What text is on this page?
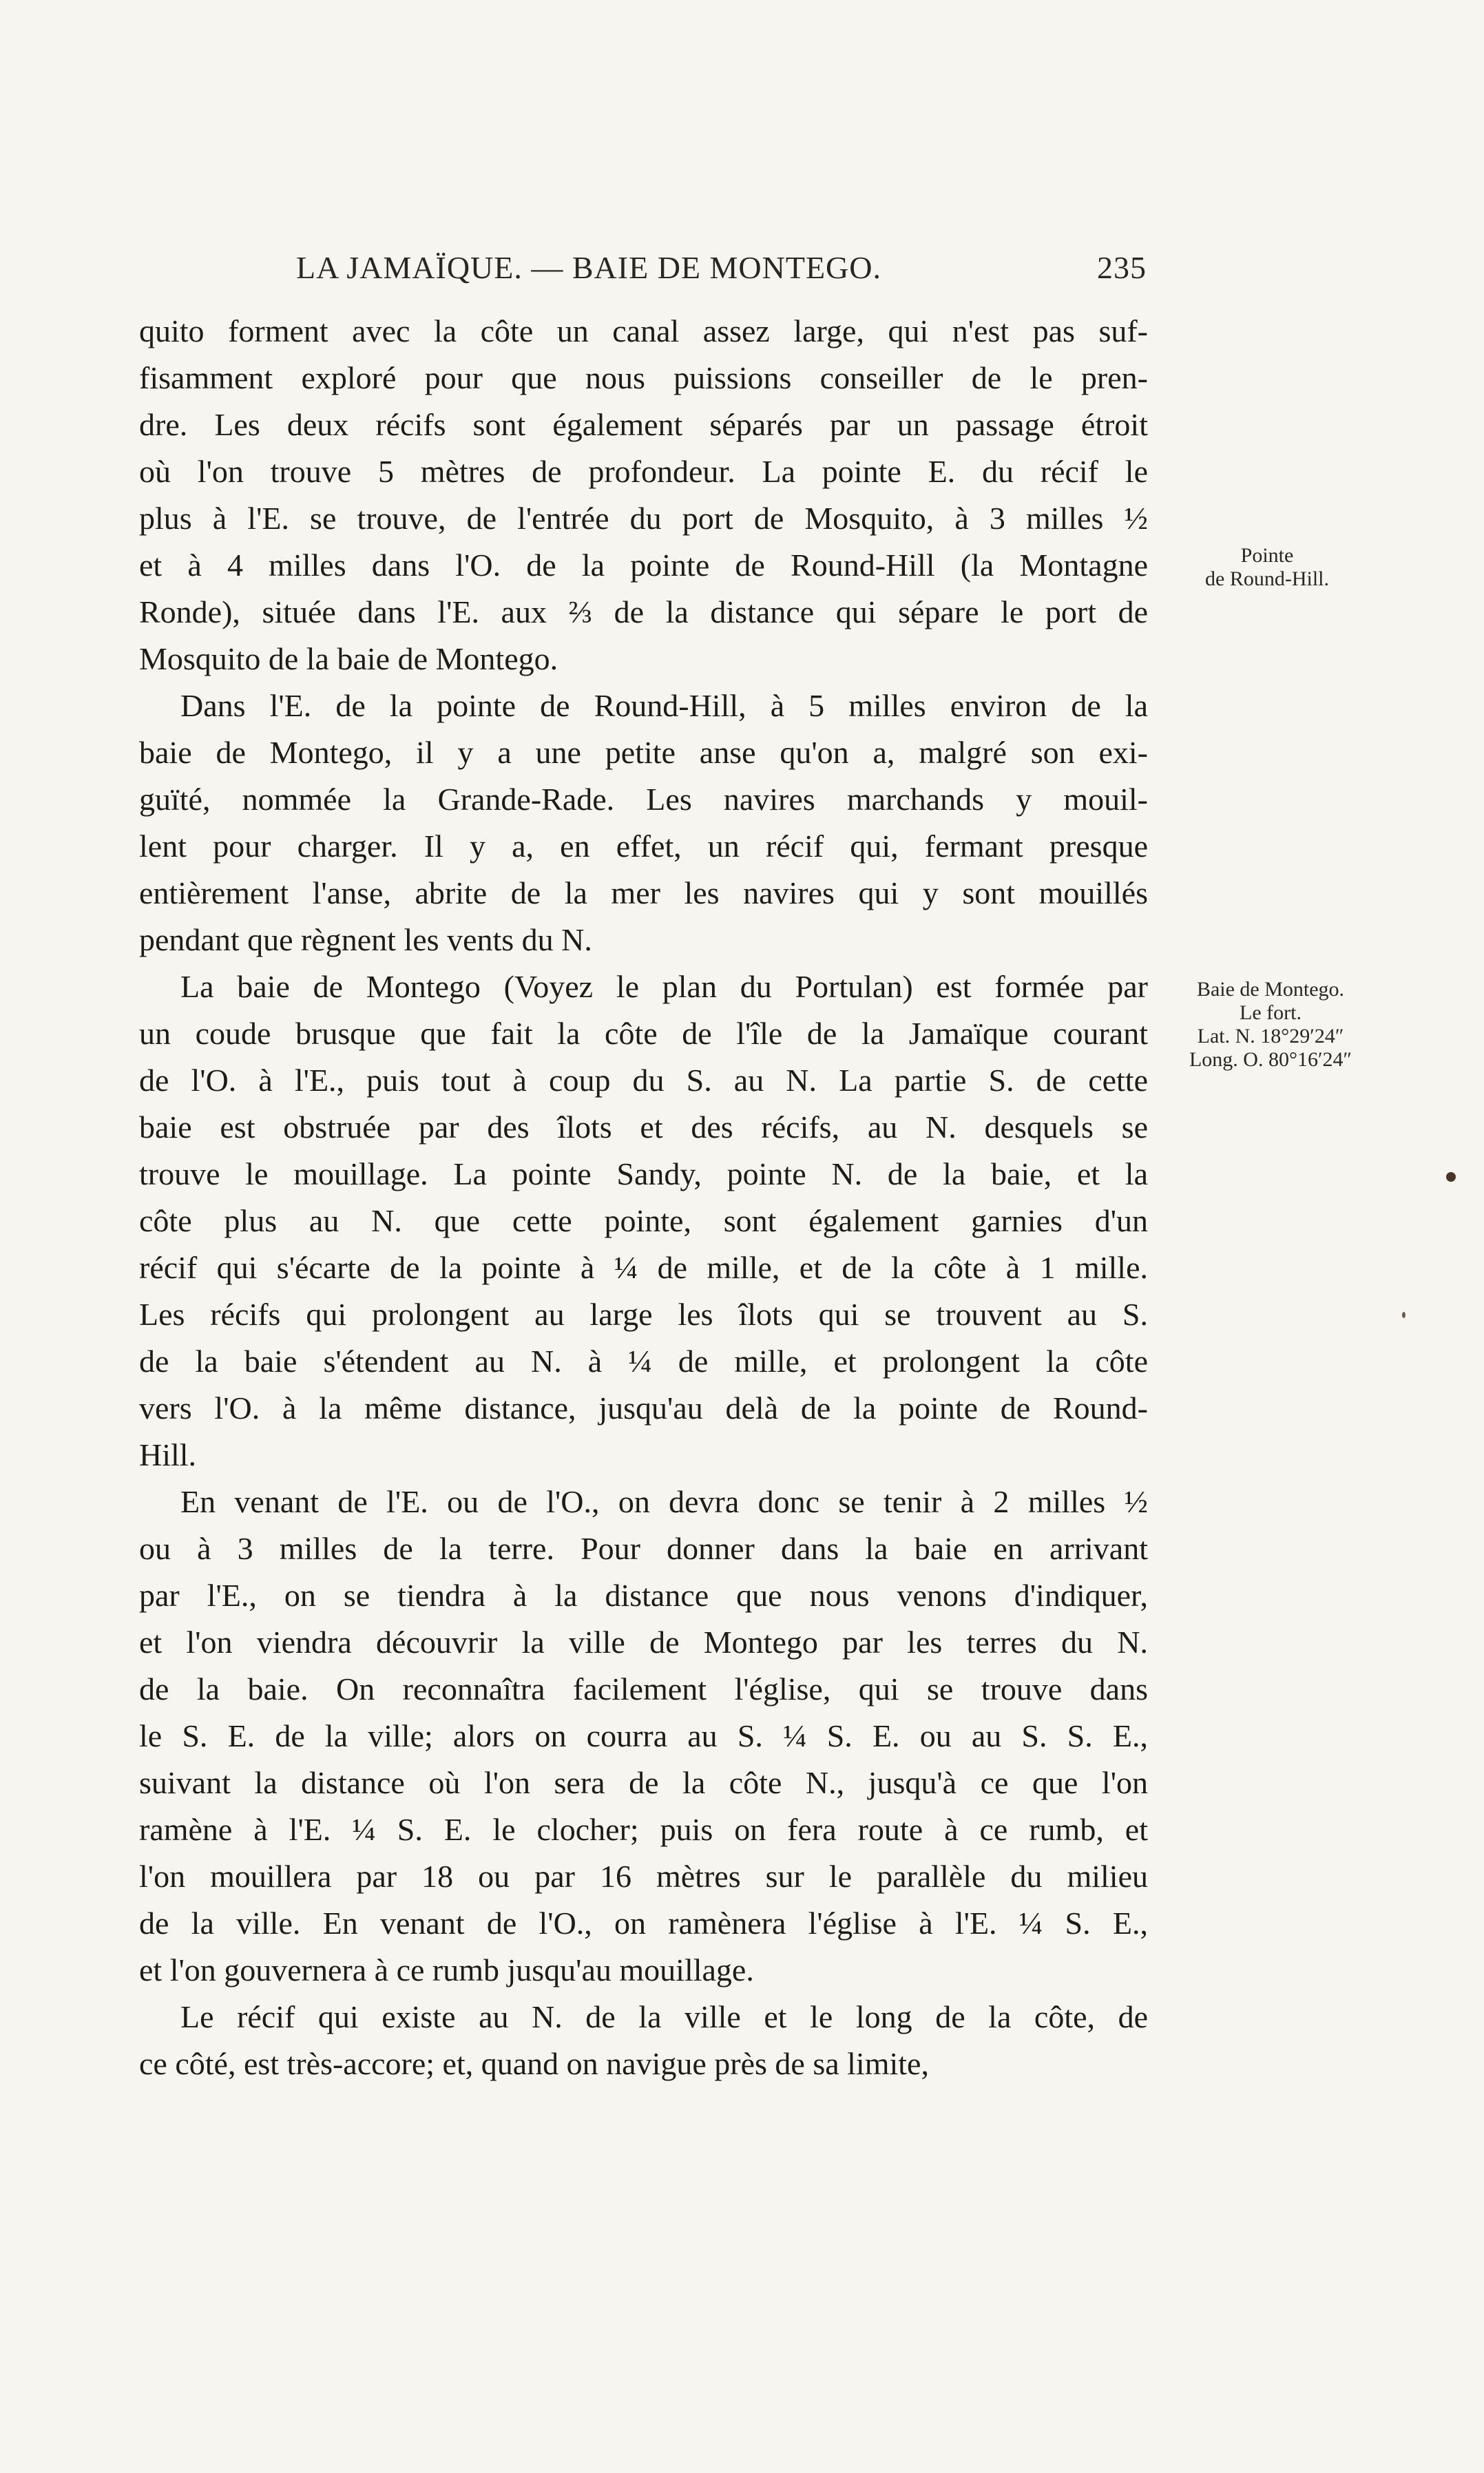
LA JAMAÏQUE. — BAIE DE MONTEGO.	235
quito forment avec la côte un canal assez large, qui n'est pas suf-
fisamment exploré pour que nous puissions conseiller de le pren-
dre. Les deux récifs sont également séparés par un passage étroit
où l'on trouve 5 mètres de profondeur. La pointe E. du récif le
plus à l'E. se trouve, de l'entrée du port de Mosquito, à 3 milles ½
et à 4 milles dans l'O. de la pointe de Round-Hill (la Montagne
Ronde), située dans l'E. aux ⅔ de la distance qui sépare le port de
Mosquito de la baie de Montego.
Dans l'E. de la pointe de Round-Hill, à 5 milles environ de la
baie de Montego, il y a une petite anse qu'on a, malgré son exi-
guïté, nommée la Grande-Rade. Les navires marchands y mouil-
lent pour charger. Il y a, en effet, un récif qui, fermant presque
entièrement l'anse, abrite de la mer les navires qui y sont mouillés
pendant que règnent les vents du N.
La baie de Montego (Voyez le plan du Portulan) est formée par
un coude brusque que fait la côte de l'île de la Jamaïque courant
de l'O. à l'E., puis tout à coup du S. au N. La partie S. de cette
baie est obstruée par des îlots et des récifs, au N. desquels se
trouve le mouillage. La pointe Sandy, pointe N. de la baie, et la
côte plus au N. que cette pointe, sont également garnies d'un
récif qui s'écarte de la pointe à ¼ de mille, et de la côte à 1 mille.
Les récifs qui prolongent au large les îlots qui se trouvent au S.
de la baie s'étendent au N. à ¼ de mille, et prolongent la côte
vers l'O. à la même distance, jusqu'au delà de la pointe de Round-
Hill.
En venant de l'E. ou de l'O., on devra donc se tenir à 2 milles ½
ou à 3 milles de la terre. Pour donner dans la baie en arrivant
par l'E., on se tiendra à la distance que nous venons d'indiquer,
et l'on viendra découvrir la ville de Montego par les terres du N.
de la baie. On reconnaîtra facilement l'église, qui se trouve dans
le S. E. de la ville; alors on courra au S. ¼ S. E. ou au S. S. E.,
suivant la distance où l'on sera de la côte N., jusqu'à ce que l'on
ramène à l'E. ¼ S. E. le clocher; puis on fera route à ce rumb, et
l'on mouillera par 18 ou par 16 mètres sur le parallèle du milieu
de la ville. En venant de l'O., on ramènera l'église à l'E. ¼ S. E.,
et l'on gouvernera à ce rumb jusqu'au mouillage.
Le récif qui existe au N. de la ville et le long de la côte, de
ce côté, est très-accore; et, quand on navigue près de sa limite,
Pointe
de Round-Hill.
Baie de Montego.
Le fort.
Lat. N. 18°29′24″
Long. O. 80°16′24″
